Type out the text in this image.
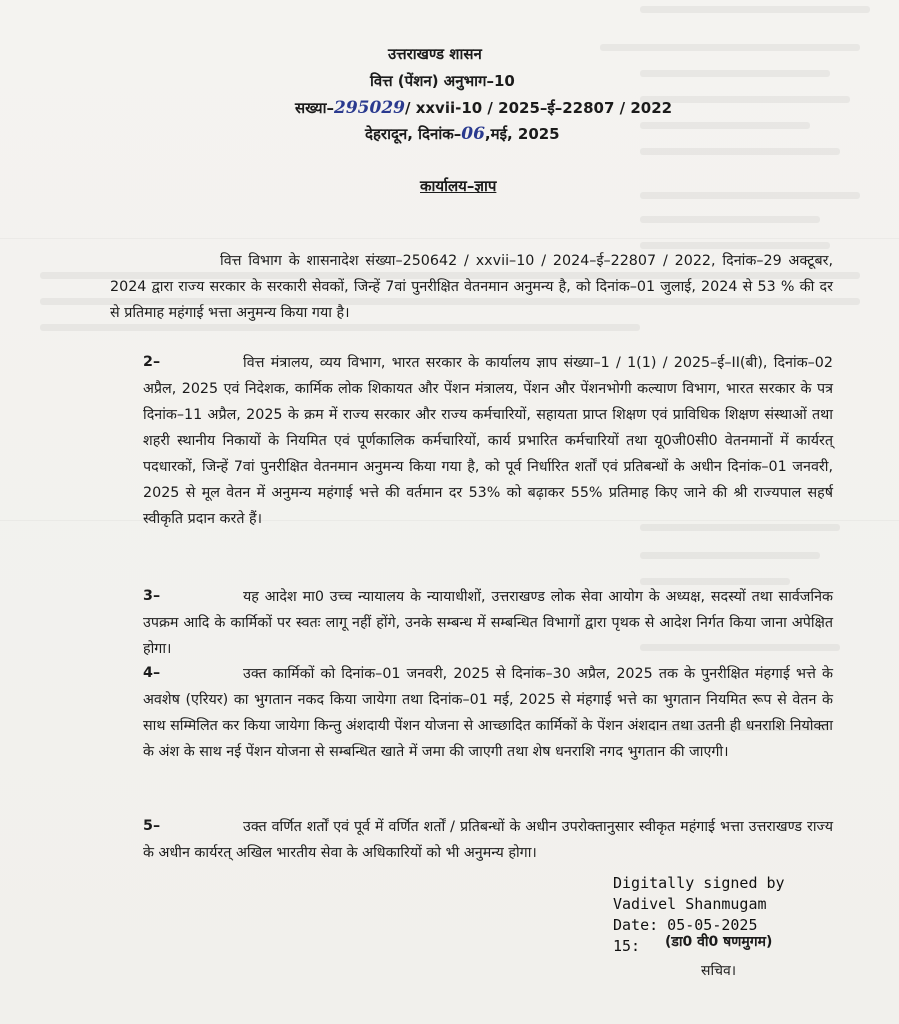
उत्तराखण्ड शासन
वित्त (पेंशन) अनुभाग–10
सख्या–295029/ xxvii-10 / 2025–ई–22807 / 2022
देहरादून, दिनांक–06,मई, 2025
कार्यालय–ज्ञाप
वित्त विभाग के शासनादेश संख्या–250642 / xxvii–10 / 2024–ई–22807 / 2022, दिनांक–29 अक्टूबर, 2024 द्वारा राज्य सरकार के सरकारी सेवकों, जिन्हें 7वां पुनरीक्षित वेतनमान अनुमन्य है, को दिनांक–01 जुलाई, 2024 से 53 % की दर से प्रतिमाह महंगाई भत्ता अनुमन्य किया गया है।
2–	वित्त मंत्रालय, व्यय विभाग, भारत सरकार के कार्यालय ज्ञाप संख्या–1 / 1(1) / 2025–ई–II(बी), दिनांक–02 अप्रैल, 2025 एवं निदेशक, कार्मिक लोक शिकायत और पेंशन मंत्रालय, पेंशन और पेंशनभोगी कल्याण विभाग, भारत सरकार के पत्र दिनांक–11 अप्रैल, 2025 के क्रम में राज्य सरकार और राज्य कर्मचारियों, सहायता प्राप्त शिक्षण एवं प्राविधिक शिक्षण संस्थाओं तथा शहरी स्थानीय निकायों के नियमित एवं पूर्णकालिक कर्मचारियों, कार्य प्रभारित कर्मचारियों तथा यू0जी0सी0 वेतनमानों में कार्यरत् पदधारकों, जिन्हें 7वां पुनरीक्षित वेतनमान अनुमन्य किया गया है, को पूर्व निर्धारित शर्तों एवं प्रतिबन्धों के अधीन दिनांक–01 जनवरी, 2025 से मूल वेतन में अनुमन्य महंगाई भत्ते की वर्तमान दर 53% को बढ़ाकर 55% प्रतिमाह किए जाने की श्री राज्यपाल सहर्ष स्वीकृति प्रदान करते हैं।
3–	यह आदेश मा0 उच्च न्यायालय के न्यायाधीशों, उत्तराखण्ड लोक सेवा आयोग के अध्यक्ष, सदस्यों तथा सार्वजनिक उपक्रम आदि के कार्मिकों पर स्वतः लागू नहीं होंगे, उनके सम्बन्ध में सम्बन्धित विभागों द्वारा पृथक से आदेश निर्गत किया जाना अपेक्षित होगा।
4–	उक्त कार्मिकों को दिनांक–01 जनवरी, 2025 से दिनांक–30 अप्रैल, 2025 तक के पुनरीक्षित मंहगाई भत्ते के अवशेष (एरियर) का भुगतान नकद किया जायेगा तथा दिनांक–01 मई, 2025 से मंहगाई भत्ते का भुगतान नियमित रूप से वेतन के साथ सम्मिलित कर किया जायेगा किन्तु अंशदायी पेंशन योजना से आच्छादित कार्मिकों के पेंशन अंशदान तथा उतनी ही धनराशि नियोक्ता के अंश के साथ नई पेंशन योजना से सम्बन्धित खाते में जमा की जाएगी तथा शेष धनराशि नगद भुगतान की जाएगी।
5–	उक्त वर्णित शर्तों एवं पूर्व में वर्णित शर्तों / प्रतिबन्धों के अधीन उपरोक्तानुसार स्वीकृत महंगाई भत्ता उत्तराखण्ड राज्य के अधीन कार्यरत् अखिल भारतीय सेवा के अधिकारियों को भी अनुमन्य होगा।
Digitally signed by
Vadivel Shanmugam
Date: 05-05-2025
15:	(डा0 वी0 षणमुगम)
सचिव।
